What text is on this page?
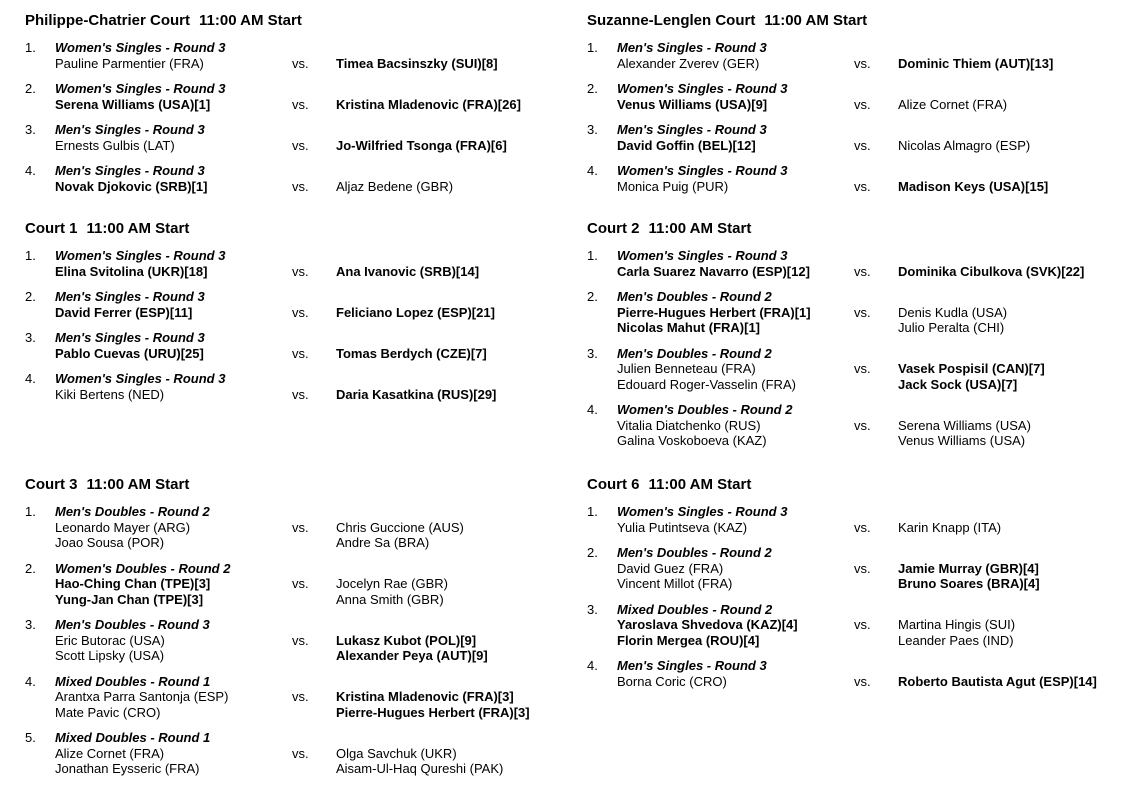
Philippe-Chatrier Court 11:00 AM Start
1.	Women's Singles - Round 3
Pauline Parmentier (FRA)	vs.	Timea Bacsinszky (SUI)[8]
2.	Women's Singles - Round 3
Serena Williams (USA)[1]	vs.	Kristina Mladenovic (FRA)[26]
3.	Men's Singles - Round 3
Ernests Gulbis (LAT)	vs.	Jo-Wilfried Tsonga (FRA)[6]
4.	Men's Singles - Round 3
Novak Djokovic (SRB)[1]	vs.	Aljaz Bedene (GBR)
Suzanne-Lenglen Court 11:00 AM Start
1.	Men's Singles - Round 3
Alexander Zverev (GER)	vs.	Dominic Thiem (AUT)[13]
2.	Women's Singles - Round 3
Venus Williams (USA)[9]	vs.	Alize Cornet (FRA)
3.	Men's Singles - Round 3
David Goffin (BEL)[12]	vs.	Nicolas Almagro (ESP)
4.	Women's Singles - Round 3
Monica Puig (PUR)	vs.	Madison Keys (USA)[15]
Court 1 11:00 AM Start
1.	Women's Singles - Round 3
Elina Svitolina (UKR)[18]	vs.	Ana Ivanovic (SRB)[14]
2.	Men's Singles - Round 3
David Ferrer (ESP)[11]	vs.	Feliciano Lopez (ESP)[21]
3.	Men's Singles - Round 3
Pablo Cuevas (URU)[25]	vs.	Tomas Berdych (CZE)[7]
4.	Women's Singles - Round 3
Kiki Bertens (NED)	vs.	Daria Kasatkina (RUS)[29]
Court 2 11:00 AM Start
1.	Women's Singles - Round 3
Carla Suarez Navarro (ESP)[12]	vs.	Dominika Cibulkova (SVK)[22]
2.	Men's Doubles - Round 2
Pierre-Hugues Herbert (FRA)[1]
Nicolas Mahut (FRA)[1]
vs.	Denis Kudla (USA)
Julio Peralta (CHI)
3.	Men's Doubles - Round 2
Julien Benneteau (FRA)
Edouard Roger-Vasselin (FRA)
vs.	Vasek Pospisil (CAN)[7]
Jack Sock (USA)[7]
4.	Women's Doubles - Round 2
Vitalia Diatchenko (RUS)
Galina Voskoboeva (KAZ)
vs.	Serena Williams (USA)
Venus Williams (USA)
Court 3 11:00 AM Start
1.	Men's Doubles - Round 2
Leonardo Mayer (ARG)
Joao Sousa (POR)
vs.	Chris Guccione (AUS)
Andre Sa (BRA)
2.	Women's Doubles - Round 2
Hao-Ching Chan (TPE)[3]
Yung-Jan Chan (TPE)[3]
vs.	Jocelyn Rae (GBR)
Anna Smith (GBR)
3.	Men's Doubles - Round 3
Eric Butorac (USA)
Scott Lipsky (USA)
vs.	Lukasz Kubot (POL)[9]
Alexander Peya (AUT)[9]
4.	Mixed Doubles - Round 1
Arantxa Parra Santonja (ESP)
Mate Pavic (CRO)
vs.	Kristina Mladenovic (FRA)[3]
Pierre-Hugues Herbert (FRA)[3]
5.	Mixed Doubles - Round 1
Alize Cornet (FRA)
Jonathan Eysseric (FRA)
vs.	Olga Savchuk (UKR)
Aisam-Ul-Haq Qureshi (PAK)
Court 6 11:00 AM Start
1.	Women's Singles - Round 3
Yulia Putintseva (KAZ)	vs.	Karin Knapp (ITA)
2.	Men's Doubles - Round 2
David Guez (FRA)
Vincent Millot (FRA)
vs.	Jamie Murray (GBR)[4]
Bruno Soares (BRA)[4]
3.	Mixed Doubles - Round 2
Yaroslava Shvedova (KAZ)[4]
Florin Mergea (ROU)[4]
vs.	Martina Hingis (SUI)
Leander Paes (IND)
4.	Men's Singles - Round 3
Borna Coric (CRO)	vs.	Roberto Bautista Agut (ESP)[14]
